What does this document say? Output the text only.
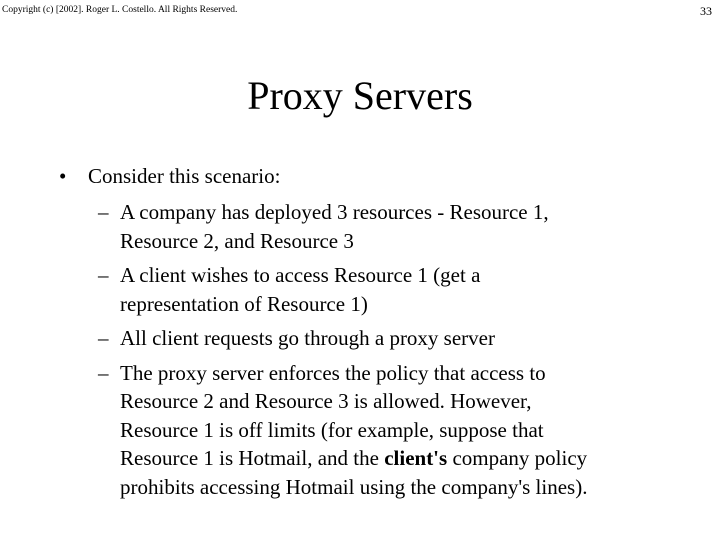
Copyright (c) [2002]. Roger L. Costello. All Rights Reserved.	33
Proxy Servers
• Consider this scenario:
– A company has deployed 3 resources - Resource 1,
Resource 2, and Resource 3
– A client wishes to access Resource 1 (get a
representation of Resource 1)
– All client requests go through a proxy server
– The proxy server enforces the policy that access to
Resource 2 and Resource 3 is allowed. However,
Resource 1 is off limits (for example, suppose that
Resource 1 is Hotmail, and the client's company policy
prohibits accessing Hotmail using the company's lines).
